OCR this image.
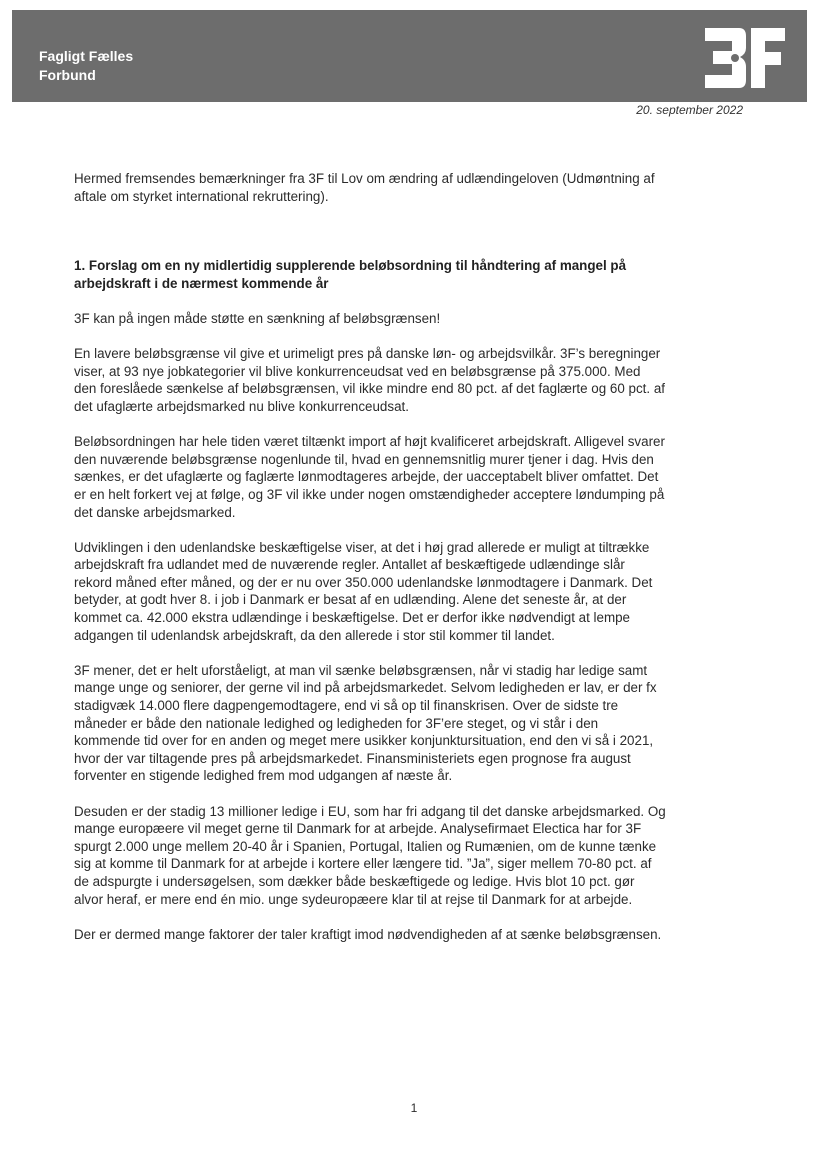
Fagligt Fælles
Forbund
20. september 2022

Hermed fremsendes bemærkninger fra 3F til Lov om ændring af udlændingeloven (Udmøntning af aftale om styrket international rekruttering).

1. Forslag om en ny midlertidig supplerende beløbsordning til håndtering af mangel på arbejdskraft i de nærmest kommende år

3F kan på ingen måde støtte en sænkning af beløbsgrænsen!

En lavere beløbsgrænse vil give et urimeligt pres på danske løn- og arbejdsvilkår. 3F’s beregninger viser, at 93 nye jobkategorier vil blive konkurrenceudsat ved en beløbsgrænse på 375.000. Med den foreslåede sænkelse af beløbsgrænsen, vil ikke mindre end 80 pct. af det faglærte og 60 pct. af det ufaglærte arbejdsmarked nu blive konkurrenceudsat.

Beløbsordningen har hele tiden været tiltænkt import af højt kvalificeret arbejdskraft. Alligevel svarer den nuværende beløbsgrænse nogenlunde til, hvad en gennemsnitlig murer tjener i dag. Hvis den sænkes, er det ufaglærte og faglærte lønmodtageres arbejde, der uacceptabelt bliver omfattet. Det er en helt forkert vej at følge, og 3F vil ikke under nogen omstændigheder acceptere løndumping på det danske arbejdsmarked.

Udviklingen i den udenlandske beskæftigelse viser, at det i høj grad allerede er muligt at tiltrække arbejdskraft fra udlandet med de nuværende regler. Antallet af beskæftigede udlændinge slår rekord måned efter måned, og der er nu over 350.000 udenlandske lønmodtagere i Danmark. Det betyder, at godt hver 8. i job i Danmark er besat af en udlænding. Alene det seneste år, at der kommet ca. 42.000 ekstra udlændinge i beskæftigelse. Det er derfor ikke nødvendigt at lempe adgangen til udenlandsk arbejdskraft, da den allerede i stor stil kommer til landet.

3F mener, det er helt uforståeligt, at man vil sænke beløbsgrænsen, når vi stadig har ledige samt mange unge og seniorer, der gerne vil ind på arbejdsmarkedet. Selvom ledigheden er lav, er der fx stadigvæk 14.000 flere dagpengemodtagere, end vi så op til finanskrisen. Over de sidste tre måneder er både den nationale ledighed og ledigheden for 3F’ere steget, og vi står i den kommende tid over for en anden og meget mere usikker konjunktursituation, end den vi så i 2021, hvor der var tiltagende pres på arbejdsmarkedet. Finansministeriets egen prognose fra august forventer en stigende ledighed frem mod udgangen af næste år.

Desuden er der stadig 13 millioner ledige i EU, som har fri adgang til det danske arbejdsmarked. Og mange europæere vil meget gerne til Danmark for at arbejde. Analysefirmaet Electica har for 3F spurgt 2.000 unge mellem 20-40 år i Spanien, Portugal, Italien og Rumænien, om de kunne tænke sig at komme til Danmark for at arbejde i kortere eller længere tid. ”Ja”, siger mellem 70-80 pct. af de adspurgte i undersøgelsen, som dækker både beskæftigede og ledige. Hvis blot 10 pct. gør alvor heraf, er mere end én mio. unge sydeuropæere klar til at rejse til Danmark for at arbejde.

Der er dermed mange faktorer der taler kraftigt imod nødvendigheden af at sænke beløbsgrænsen.

1
